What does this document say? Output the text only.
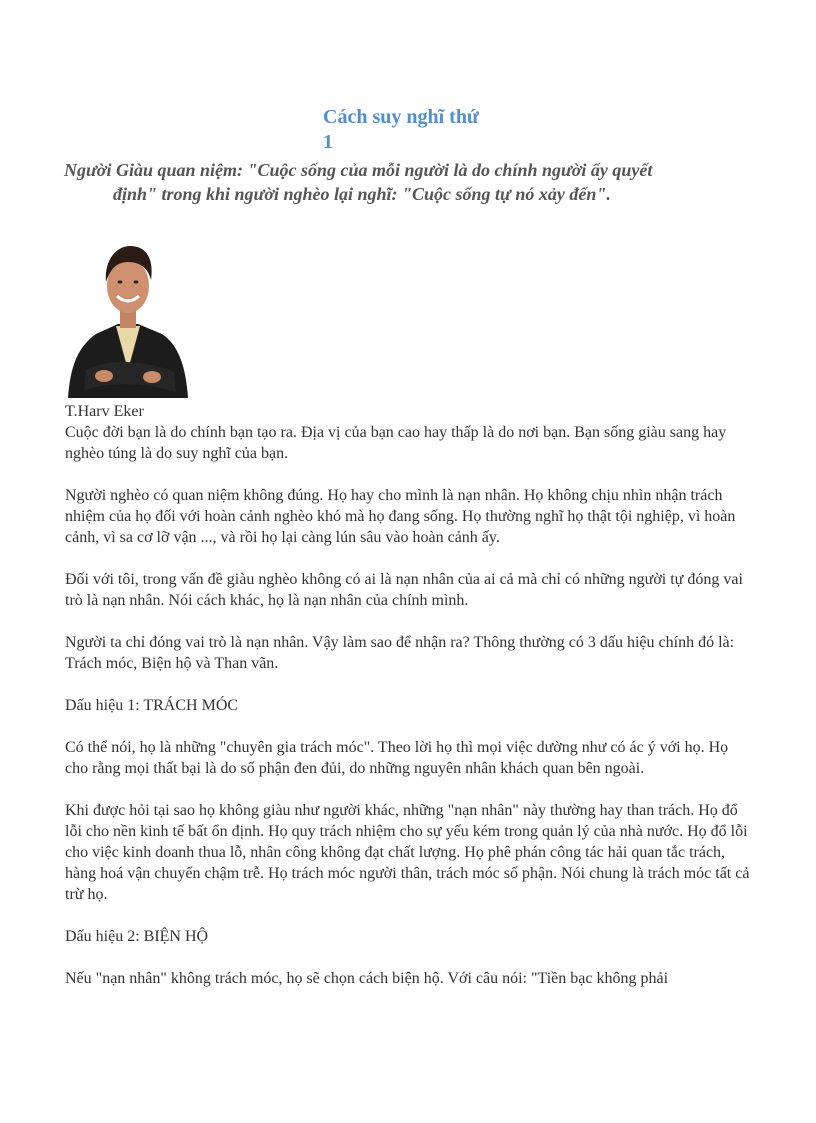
Cách suy nghĩ thứ
1
Người Giàu quan niệm: "Cuộc sống của mỗi người là do chính người ấy quyết
định" trong khi người nghèo lại nghĩ: "Cuộc sống tự nó xảy đến".
T.Harv Eker

Cuộc đời bạn là do chính bạn tạo ra. Địa vị của bạn cao hay thấp là do nơi bạn. Bạn sống giàu sang hay nghèo túng là do suy nghĩ của bạn.

Người nghèo có quan niệm không đúng. Họ hay cho mình là nạn nhân. Họ không chịu nhìn nhận trách nhiệm của họ đối với hoàn cảnh nghèo khó mà họ đang sống. Họ thường nghĩ họ thật tội nghiệp, vì hoàn cảnh, vì sa cơ lỡ vận ..., và rồi họ lại càng lún sâu vào hoàn cảnh ấy.

Đối với tôi, trong vấn đề giàu nghèo không có ai là nạn nhân của ai cả mà chỉ có những người tự đóng vai trò là nạn nhân. Nói cách khác, họ là nạn nhân của chính mình.

Người ta chỉ đóng vai trò là nạn nhân. Vậy làm sao để nhận ra? Thông thường có 3 dấu hiệu chính đó là: Trách móc, Biện hộ và Than vãn.

Dấu hiệu 1: TRÁCH MÓC

Có thể nói, họ là những "chuyên gia trách móc". Theo lời họ thì mọi việc dường như có ác ý với họ. Họ cho rằng mọi thất bại là do số phận đen đủi, do những nguyên nhân khách quan bên ngoài.

Khi được hỏi tại sao họ không giàu như người khác, những "nạn nhân" này thường hay than trách. Họ đổ lỗi cho nền kinh tế bất ổn định. Họ quy trách nhiệm cho sự yếu kém trong quản lý của nhà nước. Họ đổ lỗi cho việc kinh doanh thua lỗ, nhân công không đạt chất lượng. Họ phê phán công tác hải quan tắc trách, hàng hoá vận chuyển chậm trễ. Họ trách móc người thân, trách móc số phận. Nói chung là trách móc tất cả trừ họ.

Dấu hiệu 2: BIỆN HỘ

Nếu "nạn nhân" không trách móc, họ sẽ chọn cách biện hộ. Với câu nói: "Tiền bạc không phải
